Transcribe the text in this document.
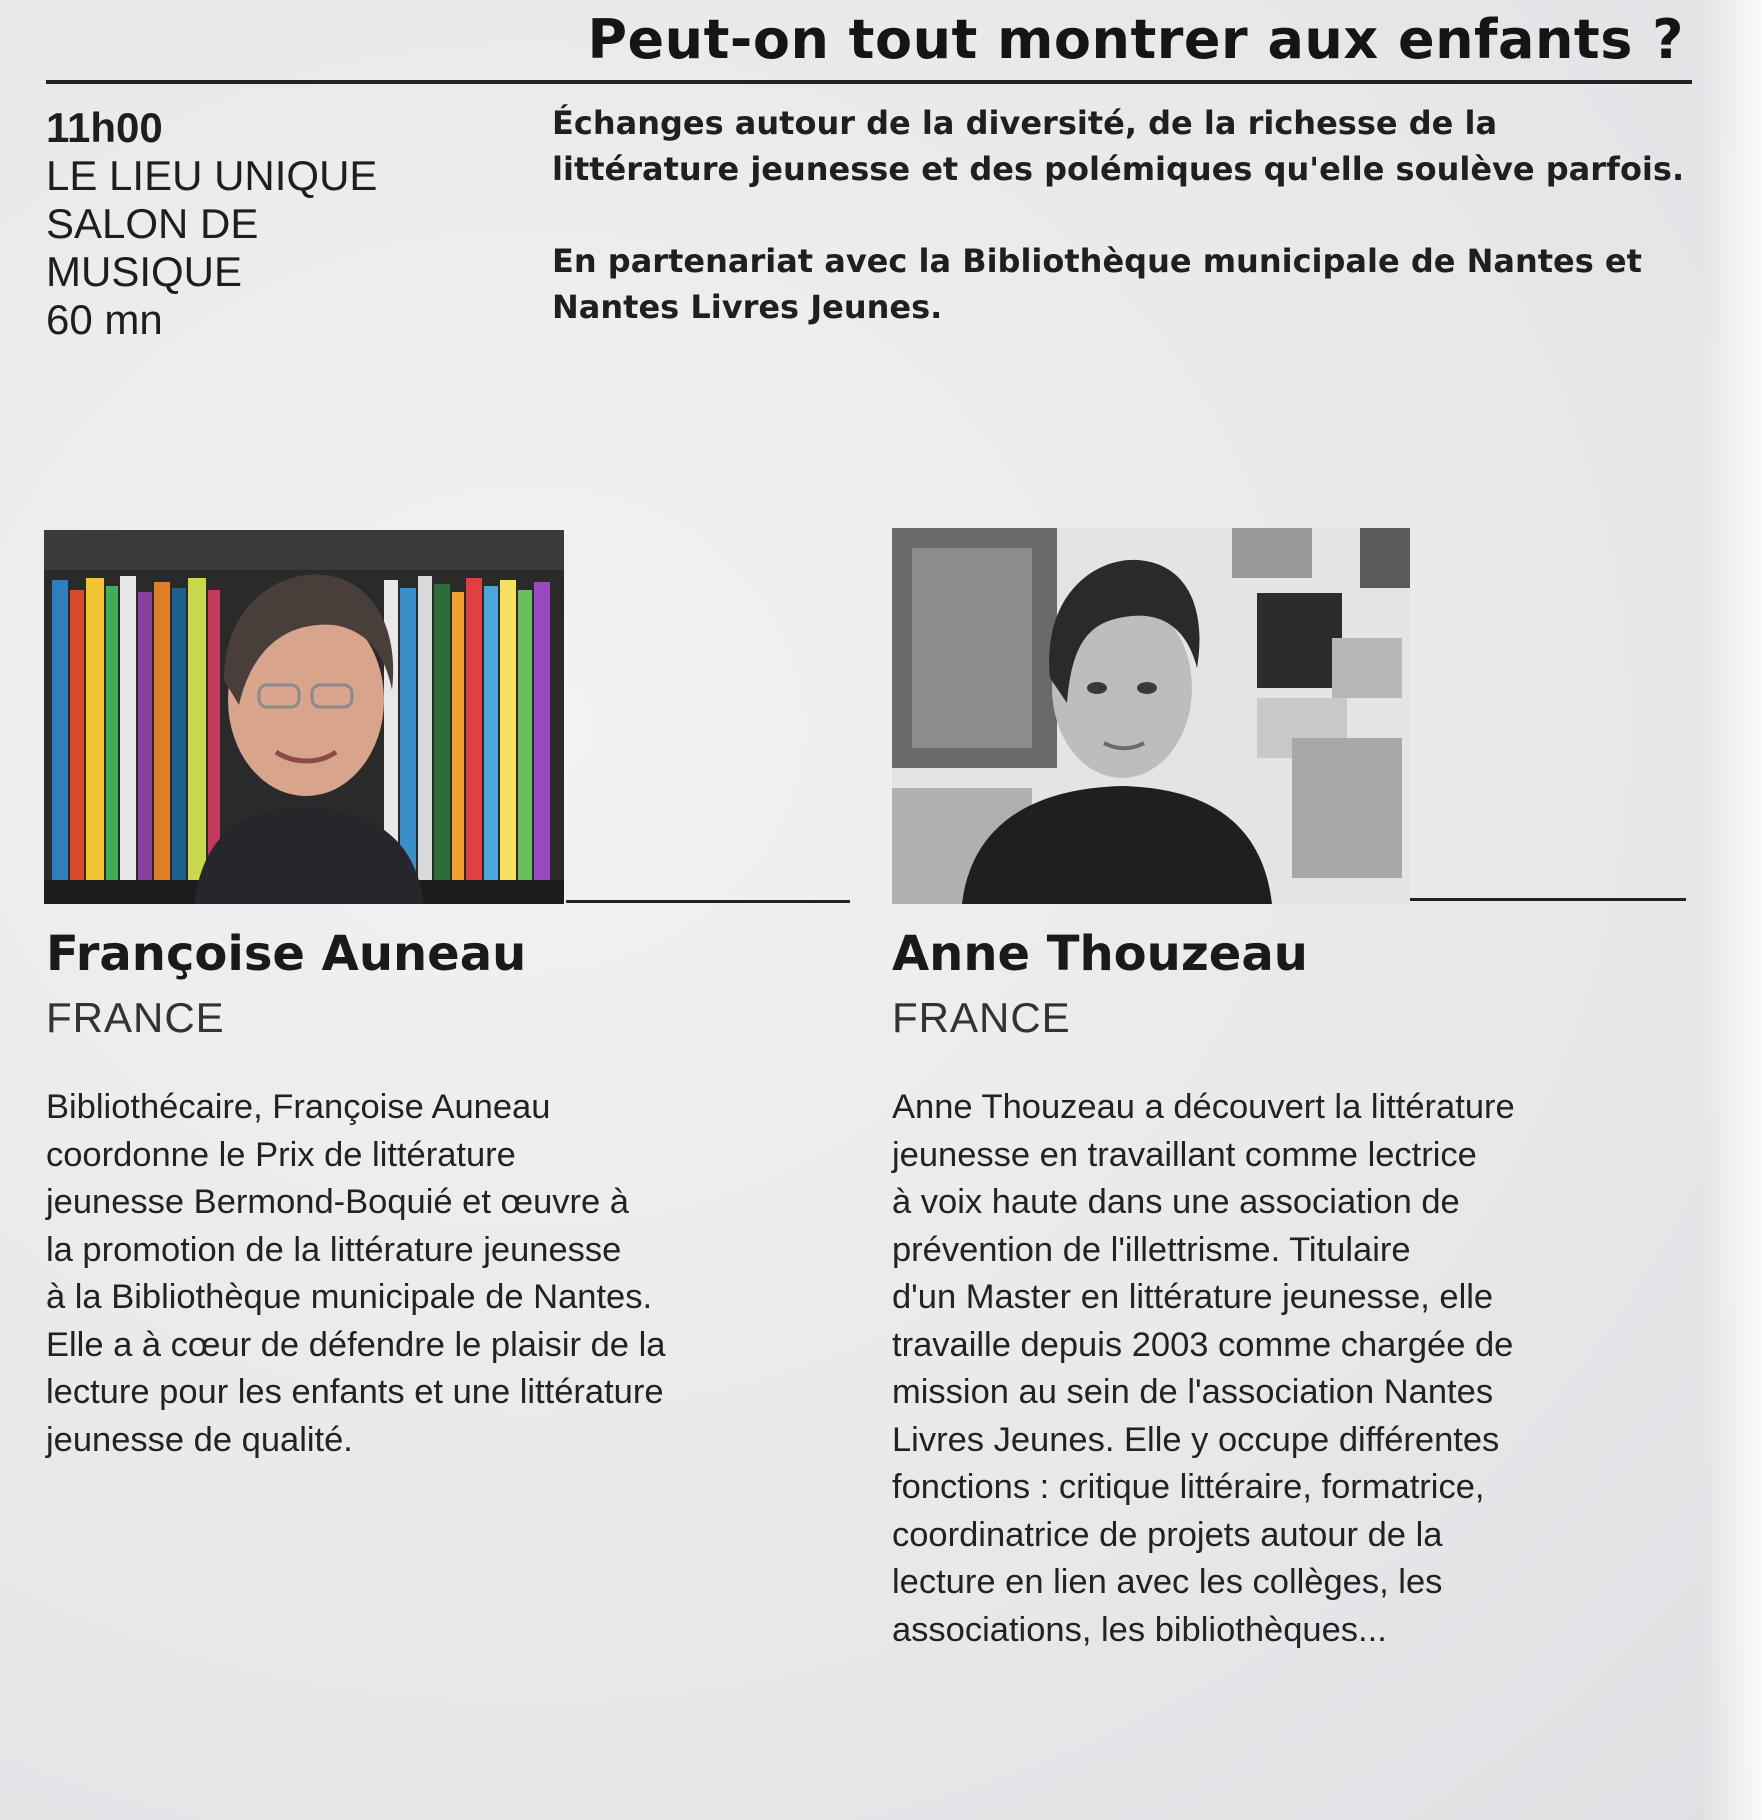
Peut-on tout montrer aux enfants ?
11h00
LE LIEU UNIQUE
SALON DE
MUSIQUE
60 mn

Échanges autour de la diversité, de la richesse de la littérature jeunesse et des polémiques qu'elle soulève parfois.

En partenariat avec la Bibliothèque municipale de Nantes et Nantes Livres Jeunes.

Françoise Auneau

FRANCE

Bibliothécaire, Françoise Auneau
coordonne le Prix de littérature
jeunesse Bermond-Boquié et œuvre à
la promotion de la littérature jeunesse
à la Bibliothèque municipale de Nantes.
Elle a à cœur de défendre le plaisir de la
lecture pour les enfants et une littérature
jeunesse de qualité.

Anne Thouzeau

FRANCE

Anne Thouzeau a découvert la littérature
jeunesse en travaillant comme lectrice
à voix haute dans une association de
prévention de l'illettrisme. Titulaire
d'un Master en littérature jeunesse, elle
travaille depuis 2003 comme chargée de
mission au sein de l'association Nantes
Livres Jeunes. Elle y occupe différentes
fonctions : critique littéraire, formatrice,
coordinatrice de projets autour de la
lecture en lien avec les collèges, les
associations, les bibliothèques...
